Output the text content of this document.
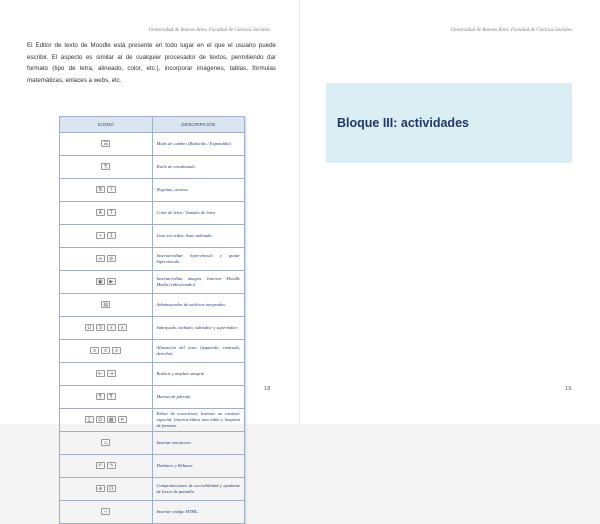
Universidad de Buenos Aires. Facultad de Ciencias Sociales.

El Editor de texto de Moodle está presente en todo lugar en el que el usuario puede escribir. El aspecto es similar al de cualquier procesador de textos, permitiendo dar formato (tipo de letra, alineado, color, etc.), incorporar imágenes, tablas, fórmulas matemáticas, enlaces a webs, etc.

ICONO	DESCRIPCIÓN
☰	Modo de cambio (Reducido / Expandido).
¶	Estilo de encabezado.
B I	Negritas, cursiva.
A T	Color de letra / Tamaño de letra
• 1	Lista sin orden, lista ordenada.
∞ ⊘	Insertar/editar hipervínculo y quitar hipervínculo.
▣ ▶	Insertar/editar imagen, Insertar Moodle Media (videos/audio).
▤	Administrador de archivos integrados.
U S x x	Subrayado, tachado, subíndice y superíndice.
≡ ≡ ≡	Alineación del texto (izquierda, centrado, derecha).
⇤ ⇥	Reducir y ampliar sangría
¶ ¶	Marcas de párrafo.
∑ Ω ▦ ✕	Editor de ecuaciones, Insertar un carácter especial, Insertar/editar una tabla y limpieza de formato.
☺	Insertar emoticono
↶ ↷	Deshacer y Rehacer
⊕ ☊	Comprobaciones de accesibilidad y ayudante de lector de pantalla
‹›	Insertar código HTML.
18
Universidad de Buenos Aires. Facultad de Ciencias Sociales.
Bloque III: actividades
19
